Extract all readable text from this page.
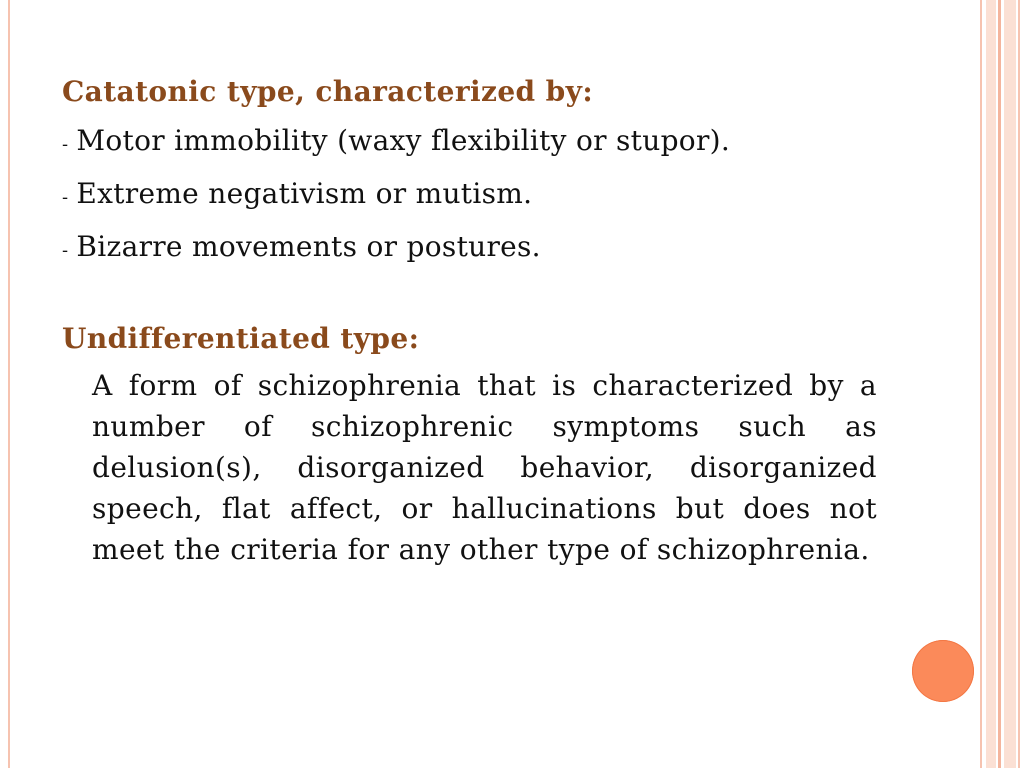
Catatonic type, characterized by:
- Motor immobility (waxy flexibility or stupor).
- Extreme negativism or mutism.
- Bizarre movements or postures.
Undifferentiated type:

A form of schizophrenia that is characterized by a number of schizophrenic symptoms such as delusion(s), disorganized behavior, disorganized speech, flat affect, or hallucinations but does not meet the criteria for any other type of schizophrenia.
